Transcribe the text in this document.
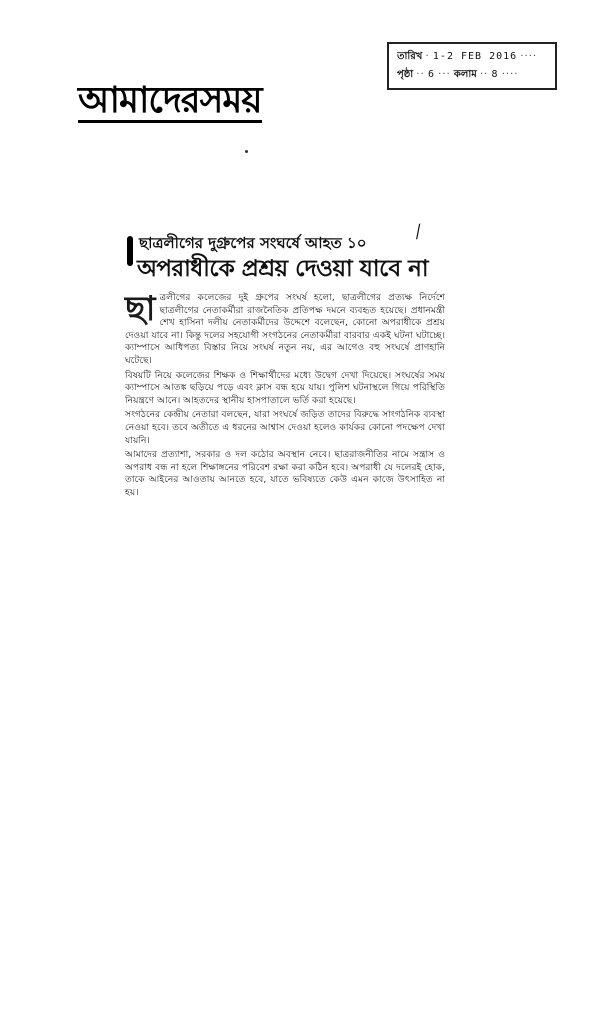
তারিখ · 1-2 FEB 2016 ····
পৃষ্ঠা ·· 6 ··· কলাম ·· 8 ····
আমাদেরসময়
⁄
ছাত্রলীগের দুগ্রুপের সংঘর্ষে আহত ১০
অপরাধীকে প্রশ্রয় দেওয়া যাবে না

ছাত্রলীগের কলেজের দুই গ্রুপের সংঘর্ষ হলো, ছাত্রলীগের প্রত্যক্ষ নির্দেশে ছাত্রলীগের নেতাকর্মীরা রাজনৈতিক প্রতিপক্ষ দমনে ব্যবহৃত হয়েছে। প্রধানমন্ত্রী শেখ হাসিনা দলীয় নেতাকর্মীদের উদ্দেশে বলেছেন, কোনো অপরাধীকে প্রশ্রয় দেওয়া যাবে না। কিন্তু দলের সহযোগী সংগঠনের নেতাকর্মীরা বারবার একই ঘটনা ঘটাচ্ছে। ক্যাম্পাসে আধিপত্য বিস্তার নিয়ে সংঘর্ষ নতুন নয়, এর আগেও বহু সংঘর্ষে প্রাণহানি ঘটেছে।

বিষয়টি নিয়ে কলেজের শিক্ষক ও শিক্ষার্থীদের মধ্যে উদ্বেগ দেখা দিয়েছে। সংঘর্ষের সময় ক্যাম্পাসে আতঙ্ক ছড়িয়ে পড়ে এবং ক্লাস বন্ধ হয়ে যায়। পুলিশ ঘটনাস্থলে গিয়ে পরিস্থিতি নিয়ন্ত্রণে আনে। আহতদের স্থানীয় হাসপাতালে ভর্তি করা হয়েছে।

সংগঠনের কেন্দ্রীয় নেতারা বলছেন, যারা সংঘর্ষে জড়িত তাদের বিরুদ্ধে সাংগঠনিক ব্যবস্থা নেওয়া হবে। তবে অতীতে এ ধরনের আশ্বাস দেওয়া হলেও কার্যকর কোনো পদক্ষেপ দেখা যায়নি।

আমাদের প্রত্যাশা, সরকার ও দল কঠোর অবস্থান নেবে। ছাত্ররাজনীতির নামে সন্ত্রাস ও অপরাধ বন্ধ না হলে শিক্ষাঙ্গনের পরিবেশ রক্ষা করা কঠিন হবে। অপরাধী যে দলেরই হোক, তাকে আইনের আওতায় আনতে হবে, যাতে ভবিষ্যতে কেউ এমন কাজে উৎসাহিত না হয়।
